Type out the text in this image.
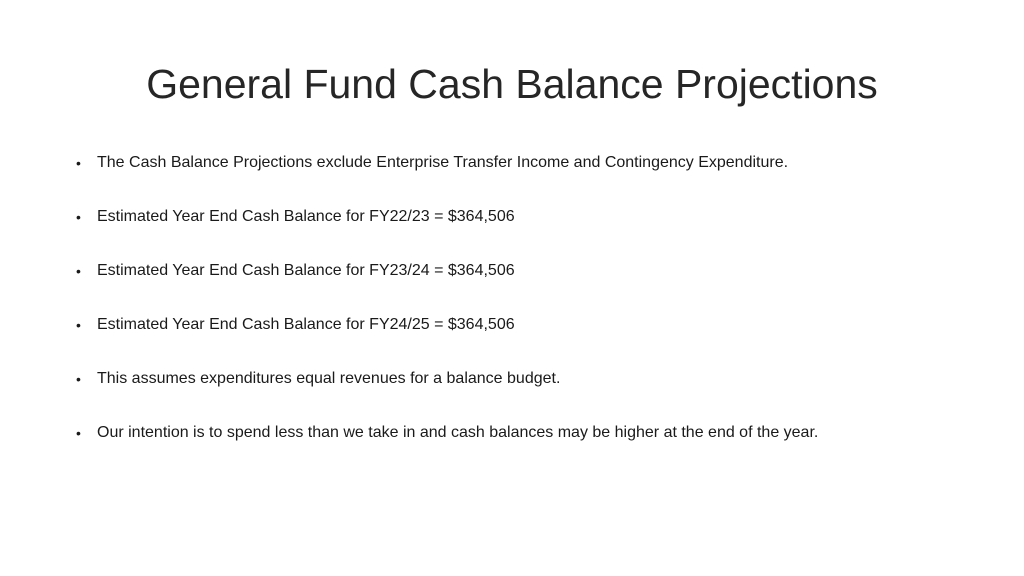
General Fund Cash Balance Projections
•	The Cash Balance Projections exclude Enterprise Transfer Income and Contingency Expenditure.
•	Estimated Year End Cash Balance for FY22/23 = $364,506
•	Estimated Year End Cash Balance for FY23/24 = $364,506
•	Estimated Year End Cash Balance for FY24/25 = $364,506
•	This assumes expenditures equal revenues for a balance budget.
•	Our intention is to spend less than we take in and cash balances may be higher at the end of the year.
